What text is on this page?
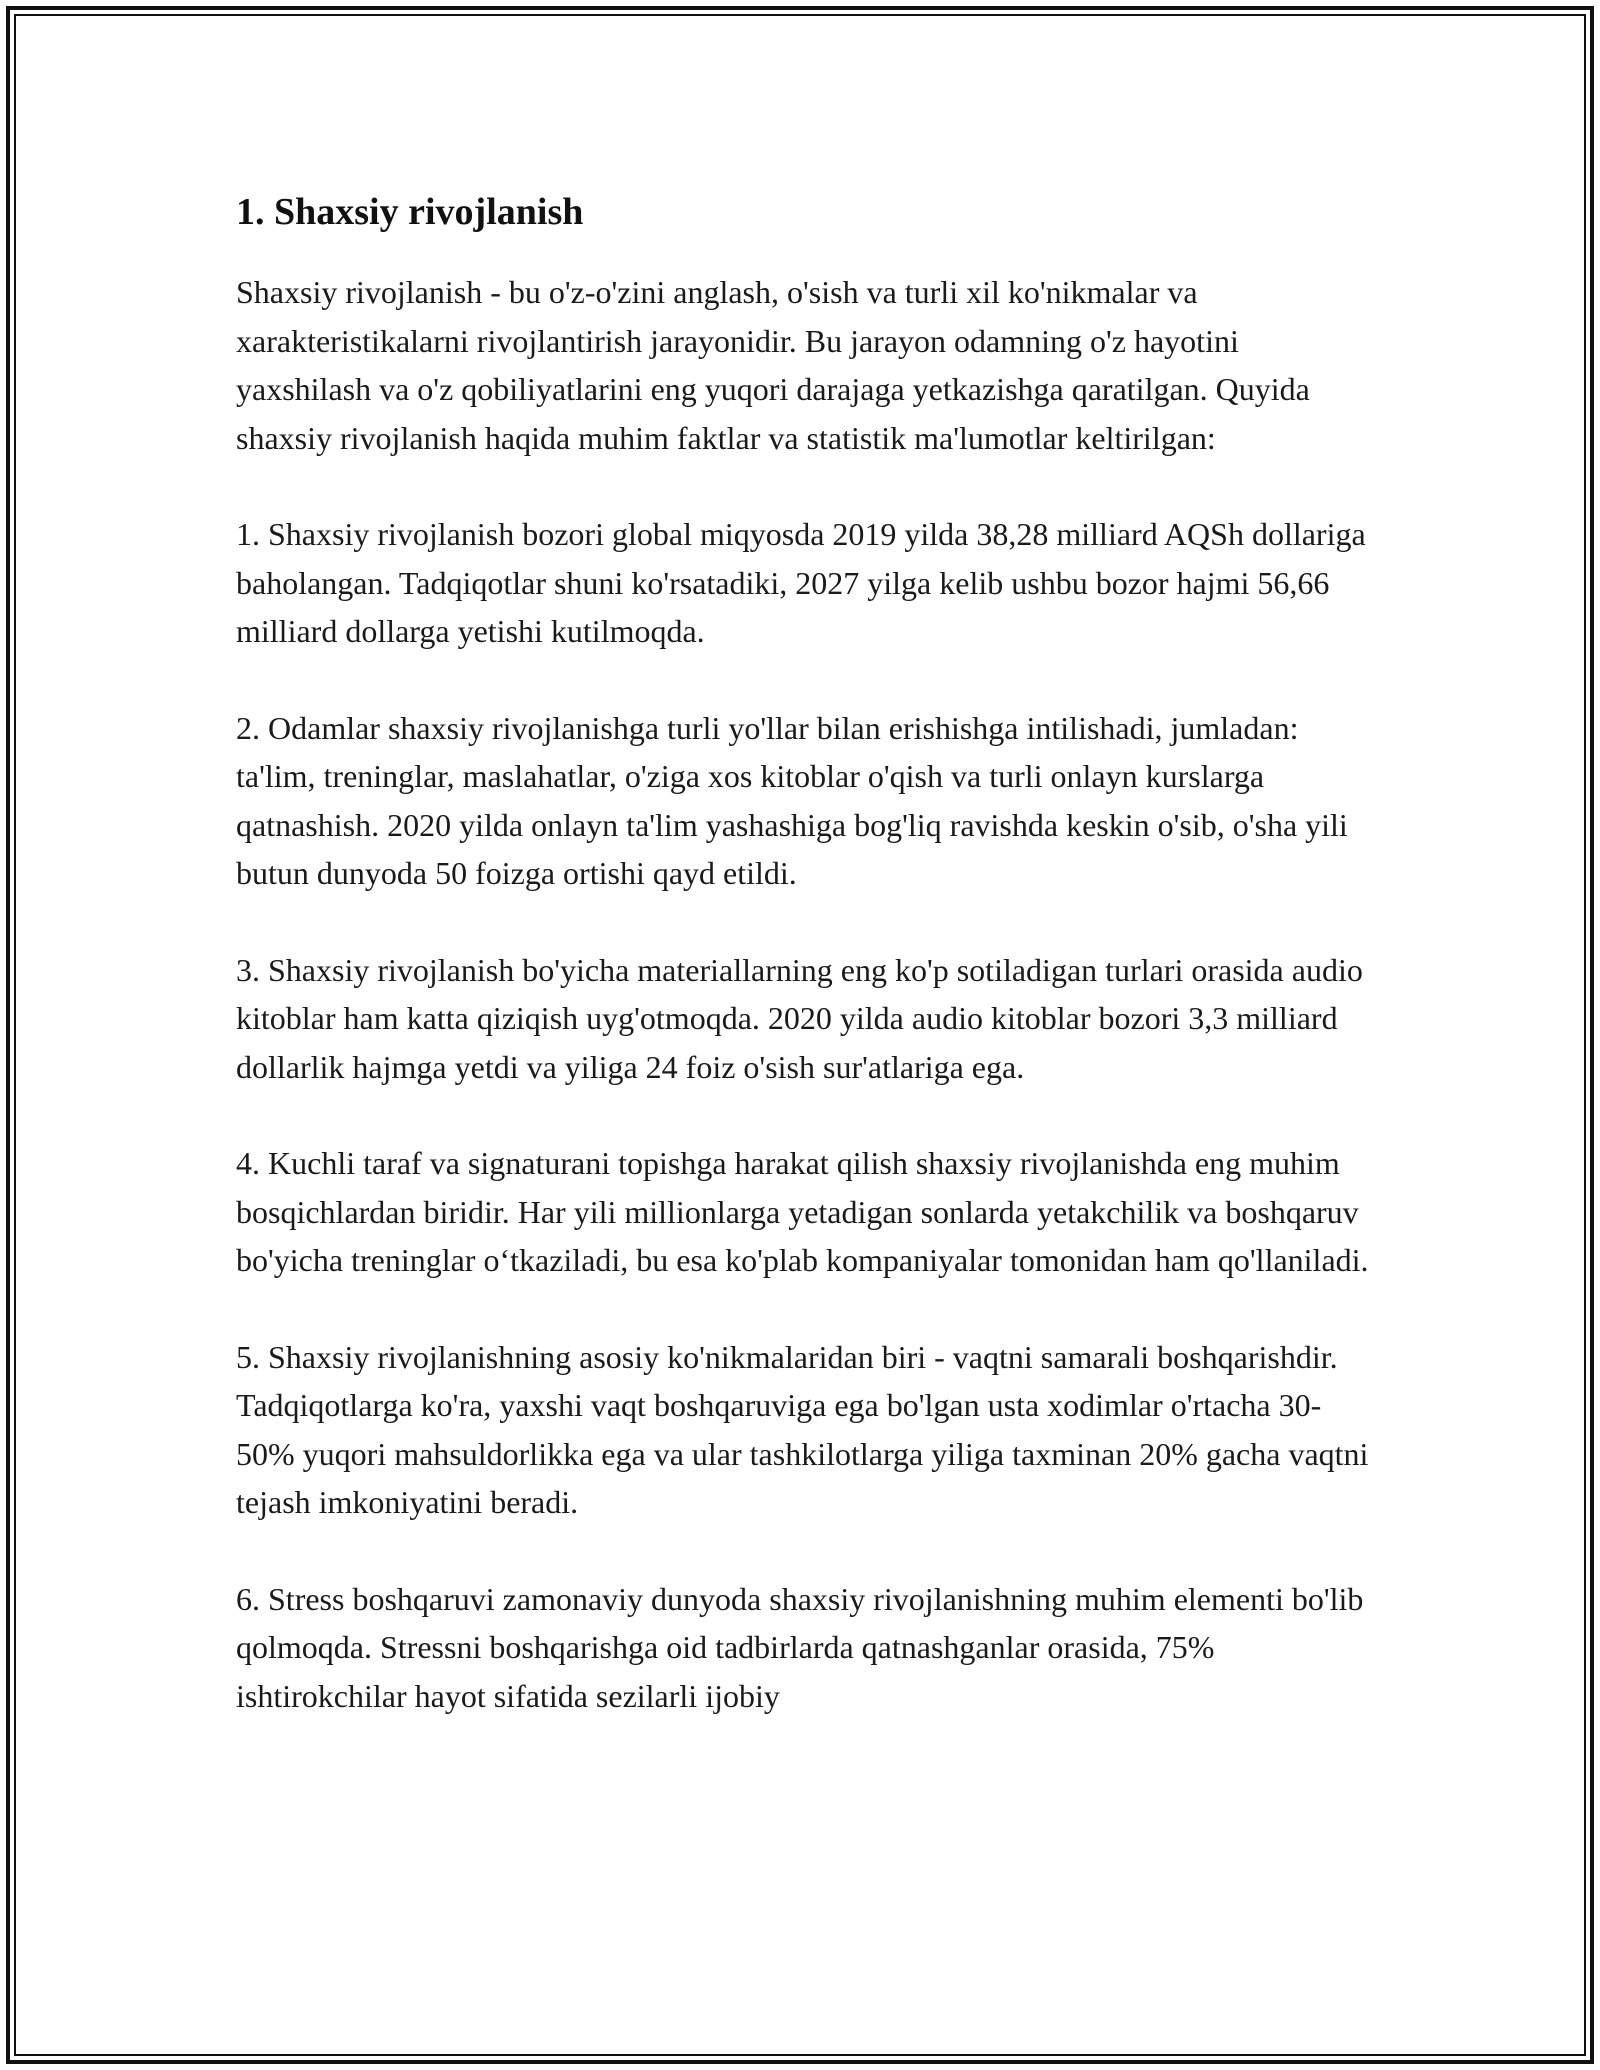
1. Shaxsiy rivojlanish

Shaxsiy rivojlanish - bu o'z-o'zini anglash, o'sish va turli xil ko'nikmalar va xarakteristikalarni rivojlantirish jarayonidir. Bu jarayon odamning o'z hayotini yaxshilash va o'z qobiliyatlarini eng yuqori darajaga yetkazishga qaratilgan. Quyida shaxsiy rivojlanish haqida muhim faktlar va statistik ma'lumotlar keltirilgan:

1. Shaxsiy rivojlanish bozori global miqyosda 2019 yilda 38,28 milliard AQSh dollariga baholangan. Tadqiqotlar shuni ko'rsatadiki, 2027 yilga kelib ushbu bozor hajmi 56,66 milliard dollarga yetishi kutilmoqda.

2. Odamlar shaxsiy rivojlanishga turli yo'llar bilan erishishga intilishadi, jumladan: ta'lim, treninglar, maslahatlar, o'ziga xos kitoblar o'qish va turli onlayn kurslarga qatnashish. 2020 yilda onlayn ta'lim yashashiga bog'liq ravishda keskin o'sib, o'sha yili butun dunyoda 50 foizga ortishi qayd etildi.

3. Shaxsiy rivojlanish bo'yicha materiallarning eng ko'p sotiladigan turlari orasida audio kitoblar ham katta qiziqish uyg'otmoqda. 2020 yilda audio kitoblar bozori 3,3 milliard dollarlik hajmga yetdi va yiliga 24 foiz o'sish sur'atlariga ega.

4. Kuchli taraf va signaturani topishga harakat qilish shaxsiy rivojlanishda eng muhim bosqichlardan biridir. Har yili millionlarga yetadigan sonlarda yetakchilik va boshqaruv bo'yicha treninglar o‘tkaziladi, bu esa ko'plab kompaniyalar tomonidan ham qo'llaniladi.

5. Shaxsiy rivojlanishning asosiy ko'nikmalaridan biri - vaqtni samarali boshqarishdir. Tadqiqotlarga ko'ra, yaxshi vaqt boshqaruviga ega bo'lgan usta xodimlar o'rtacha 30-50% yuqori mahsuldorlikka ega va ular tashkilotlarga yiliga taxminan 20% gacha vaqtni tejash imkoniyatini beradi.

6. Stress boshqaruvi zamonaviy dunyoda shaxsiy rivojlanishning muhim elementi bo'lib qolmoqda. Stressni boshqarishga oid tadbirlarda qatnashganlar orasida, 75% ishtirokchilar hayot sifatida sezilarli ijobiy
